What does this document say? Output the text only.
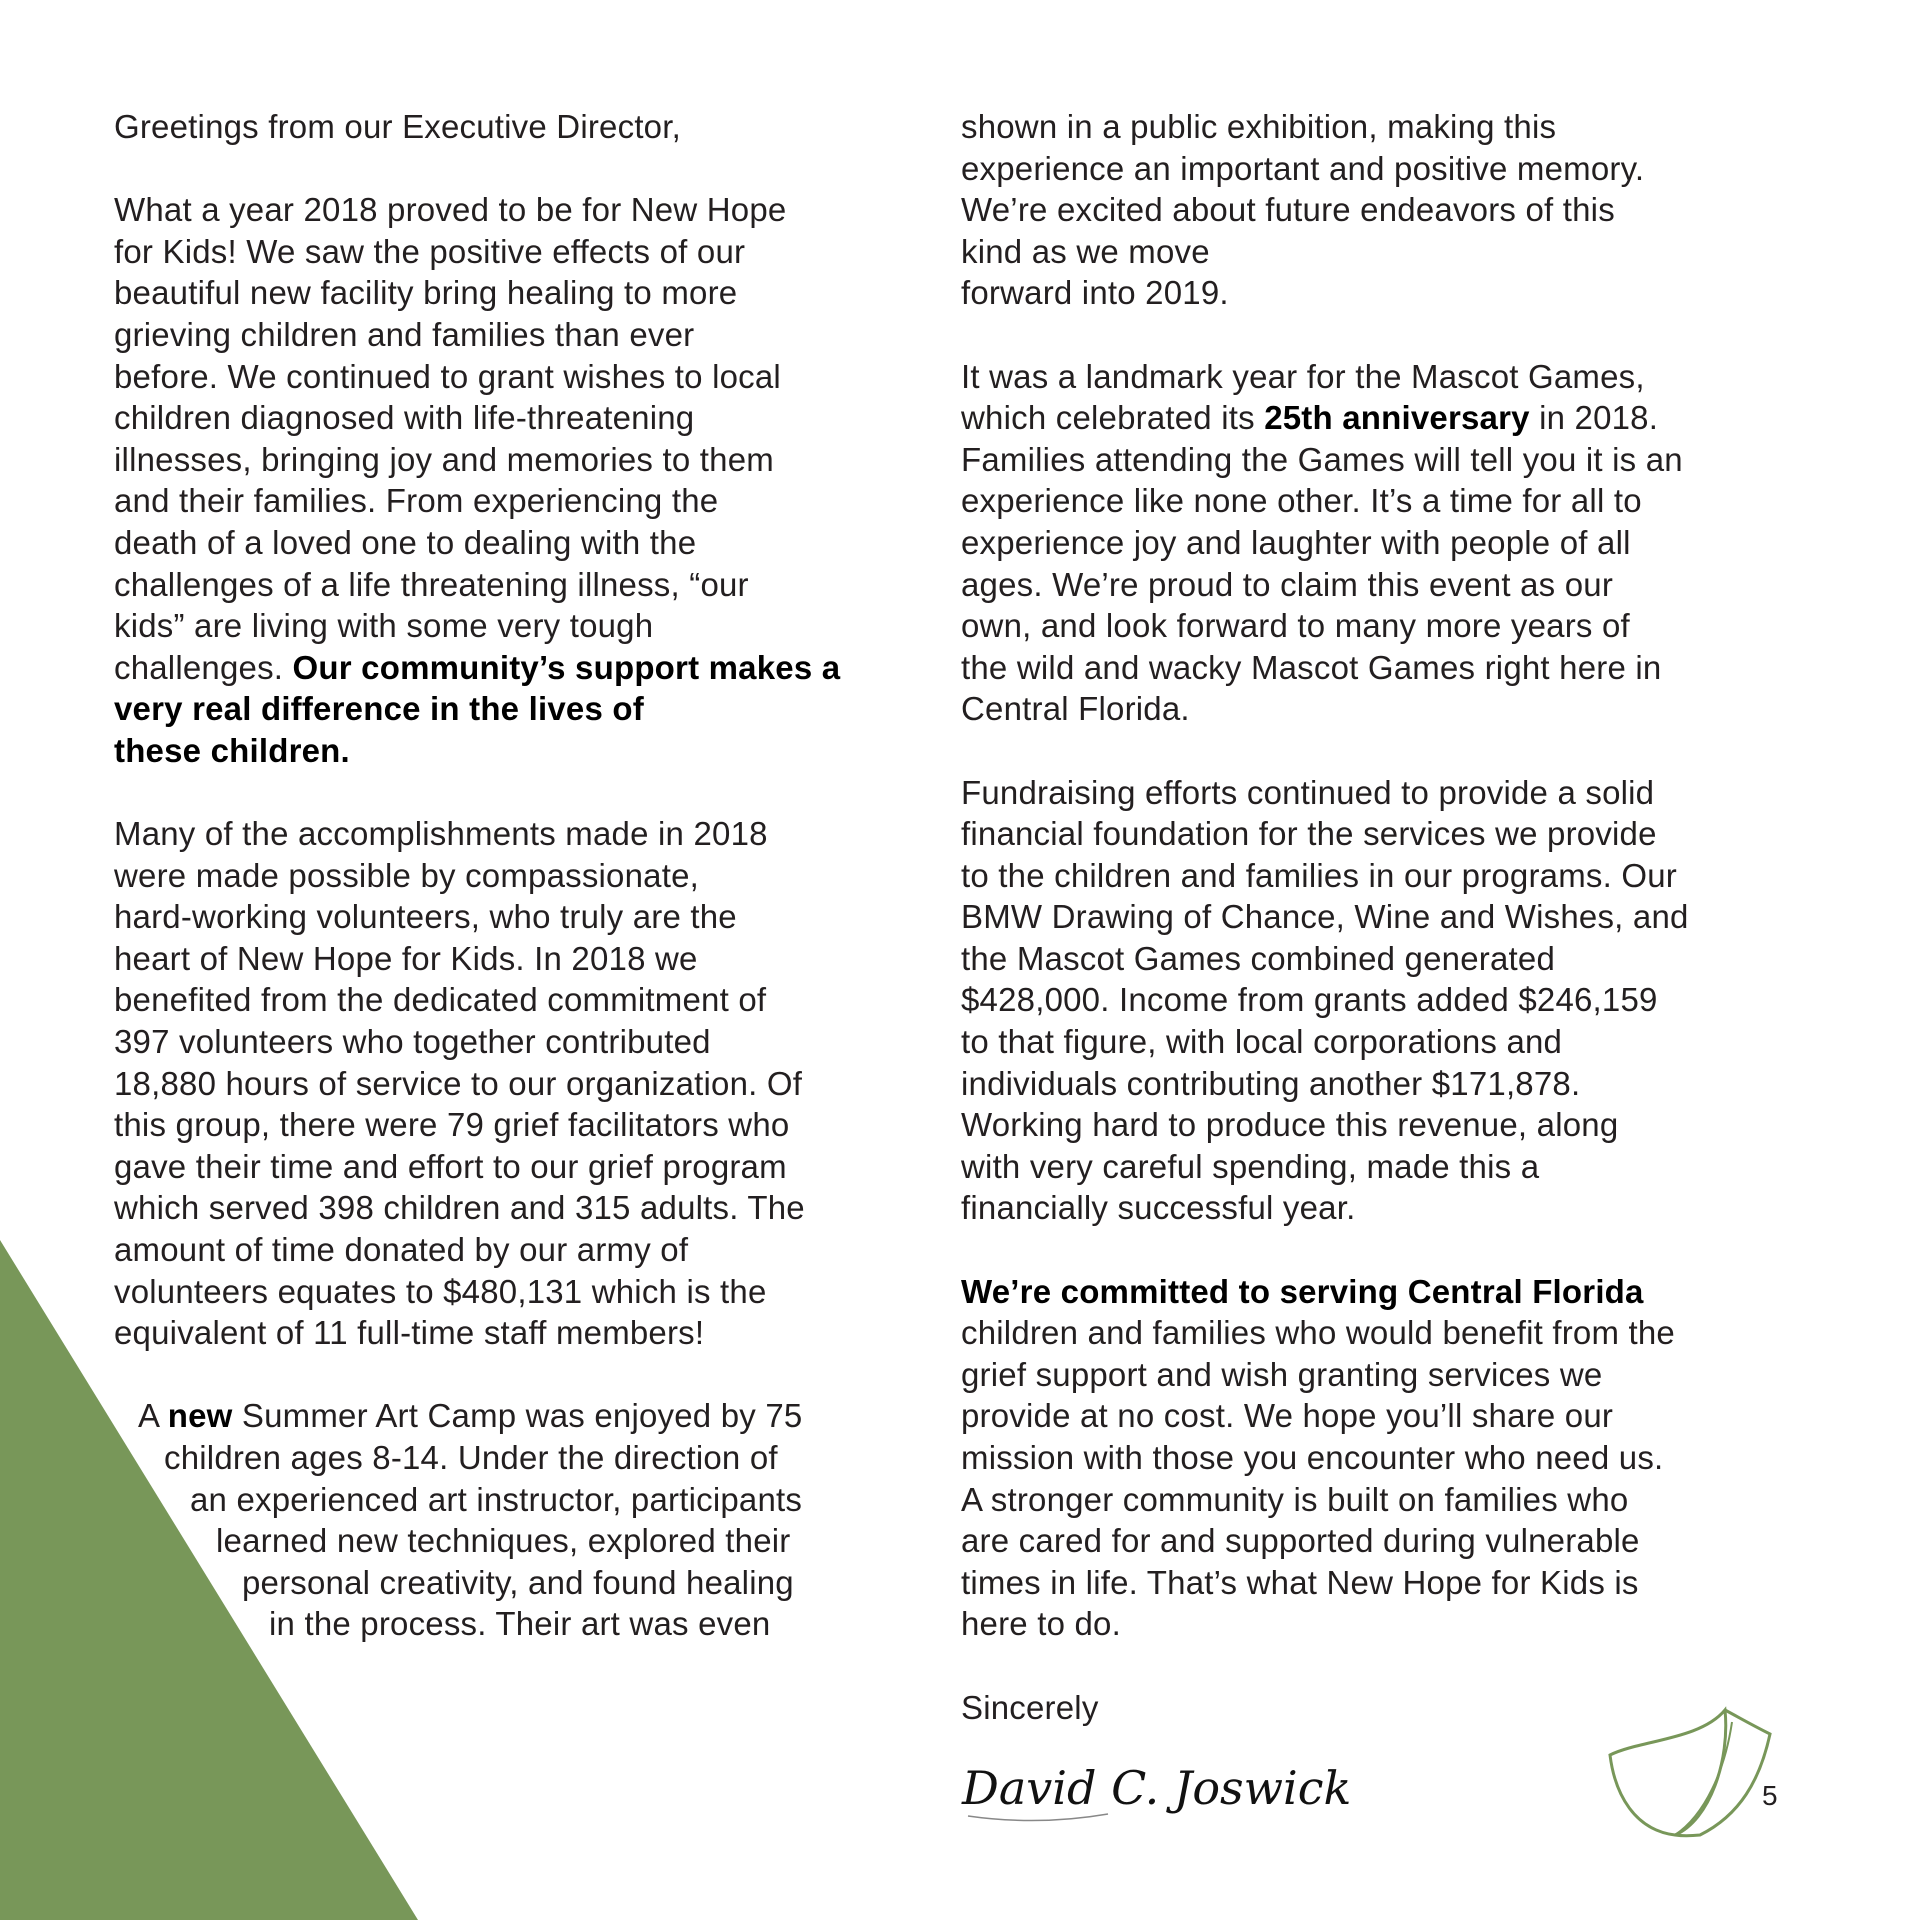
Greetings from our Executive Director,

What a year 2018 proved to be for New Hope
for Kids! We saw the positive effects of our
beautiful new facility bring healing to more
grieving children and families than ever
before. We continued to grant wishes to local
children diagnosed with life-threatening
illnesses, bringing joy and memories to them
and their families. From experiencing the
death of a loved one to dealing with the
challenges of a life threatening illness, “our
kids” are living with some very tough
challenges. Our community’s support makes a
very real difference in the lives of
these children.

Many of the accomplishments made in 2018
were made possible by compassionate,
hard-working volunteers, who truly are the
heart of New Hope for Kids. In 2018 we
benefited from the dedicated commitment of
397 volunteers who together contributed
18,880 hours of service to our organization. Of
this group, there were 79 grief facilitators who
gave their time and effort to our grief program
which served 398 children and 315 adults. The
amount of time donated by our army of
volunteers equates to $480,131 which is the
equivalent of 11 full-time staff members!

A new Summer Art Camp was enjoyed by 75
children ages 8-14. Under the direction of
an experienced art instructor, participants
learned new techniques, explored their
personal creativity, and found healing
in the process. Their art was even

shown in a public exhibition, making this
experience an important and positive memory.
We’re excited about future endeavors of this
kind as we move
forward into 2019.

It was a landmark year for the Mascot Games,
which celebrated its 25th anniversary in 2018.
Families attending the Games will tell you it is an
experience like none other. It’s a time for all to
experience joy and laughter with people of all
ages. We’re proud to claim this event as our
own, and look forward to many more years of
the wild and wacky Mascot Games right here in
Central Florida.

Fundraising efforts continued to provide a solid
financial foundation for the services we provide
to the children and families in our programs. Our
BMW Drawing of Chance, Wine and Wishes, and
the Mascot Games combined generated
$428,000. Income from grants added $246,159
to that figure, with local corporations and
individuals contributing another $171,878.
Working hard to produce this revenue, along
with very careful spending, made this a
financially successful year.

We’re committed to serving Central Florida
children and families who would benefit from the
grief support and wish granting services we
provide at no cost. We hope you’ll share our
mission with those you encounter who need us.
A stronger community is built on families who
are cared for and supported during vulnerable
times in life. That’s what New Hope for Kids is
here to do.

Sincerely

David C. Joswick	5
